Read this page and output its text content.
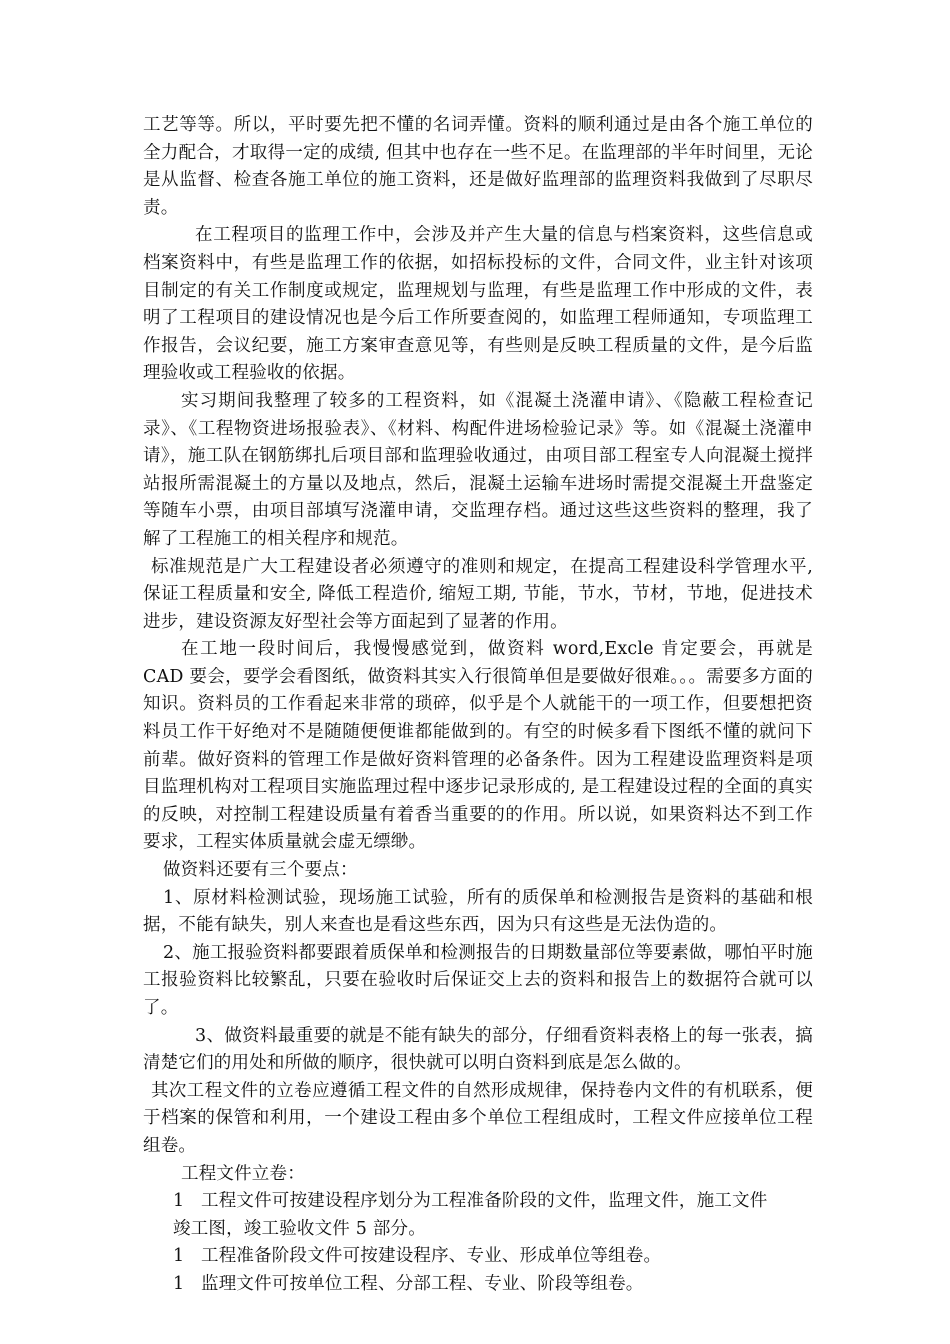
工艺等等。所以，平时要先把不懂的名词弄懂。资料的顺利通过是由各个施工单位的全力配合，才取得一定的成绩, 但其中也存在一些不足。在监理部的半年时间里，无论是从监督、检查各施工单位的施工资料，还是做好监理部的监理资料我做到了尽职尽责。

在工程项目的监理工作中，会涉及并产生大量的信息与档案资料，这些信息或档案资料中，有些是监理工作的依据，如招标投标的文件，合同文件，业主针对该项目制定的有关工作制度或规定，监理规划与监理，有些是监理工作中形成的文件，表明了工程项目的建设情况也是今后工作所要查阅的，如监理工程师通知，专项监理工作报告，会议纪要，施工方案审查意见等，有些则是反映工程质量的文件，是今后监理验收或工程验收的依据。

实习期间我整理了较多的工程资料，如《混凝土浇灌申请》、《隐蔽工程检查记录》、《工程物资进场报验表》、《材料、构配件进场检验记录》等。如《混凝土浇灌申请》，施工队在钢筋绑扎后项目部和监理验收通过，由项目部工程室专人向混凝土搅拌站报所需混凝土的方量以及地点，然后，混凝土运输车进场时需提交混凝土开盘鉴定等随车小票，由项目部填写浇灌申请，交监理存档。通过这些这些资料的整理，我了解了工程施工的相关程序和规范。

标准规范是广大工程建设者必须遵守的准则和规定，在提高工程建设科学管理水平, 保证工程质量和安全, 降低工程造价, 缩短工期, 节能，节水，节材，节地，促进技术进步，建设资源友好型社会等方面起到了显著的作用。

在工地一段时间后，我慢慢感觉到，做资料 word,Excle 肯定要会，再就是 CAD 要会，要学会看图纸，做资料其实入行很简单但是要做好很难。。。需要多方面的知识。资料员的工作看起来非常的琐碎，似乎是个人就能干的一项工作，但要想把资料员工作干好绝对不是随随便便谁都能做到的。有空的时候多看下图纸不懂的就问下前辈。做好资料的管理工作是做好资料管理的必备条件。因为工程建设监理资料是项目监理机构对工程项目实施监理过程中逐步记录形成的, 是工程建设过程的全面的真实的反映，对控制工程建设质量有着香当重要的的作用。所以说，如果资料达不到工作要求，工程实体质量就会虚无缥缈。

做资料还要有三个要点：

1、原材料检测试验，现场施工试验，所有的质保单和检测报告是资料的基础和根据，不能有缺失，别人来查也是看这些东西，因为只有这些是无法伪造的。

2、施工报验资料都要跟着质保单和检测报告的日期数量部位等要素做，哪怕平时施工报验资料比较繁乱，只要在验收时后保证交上去的资料和报告上的数据符合就可以了。

3、做资料最重要的就是不能有缺失的部分，仔细看资料表格上的每一张表，搞清楚它们的用处和所做的顺序，很快就可以明白资料到底是怎么做的。

其次工程文件的立卷应遵循工程文件的自然形成规律，保持卷内文件的有机联系，便于档案的保管和利用，一个建设工程由多个单位工程组成时，工程文件应接单位工程组卷。

工程文件立卷：

1 工程文件可按建设程序划分为工程准备阶段的文件，监理文件，施工文件
竣工图，竣工验收文件 5 部分。
1 工程准备阶段文件可按建设程序、专业、形成单位等组卷。
1 监理文件可按单位工程、分部工程、专业、阶段等组卷。
